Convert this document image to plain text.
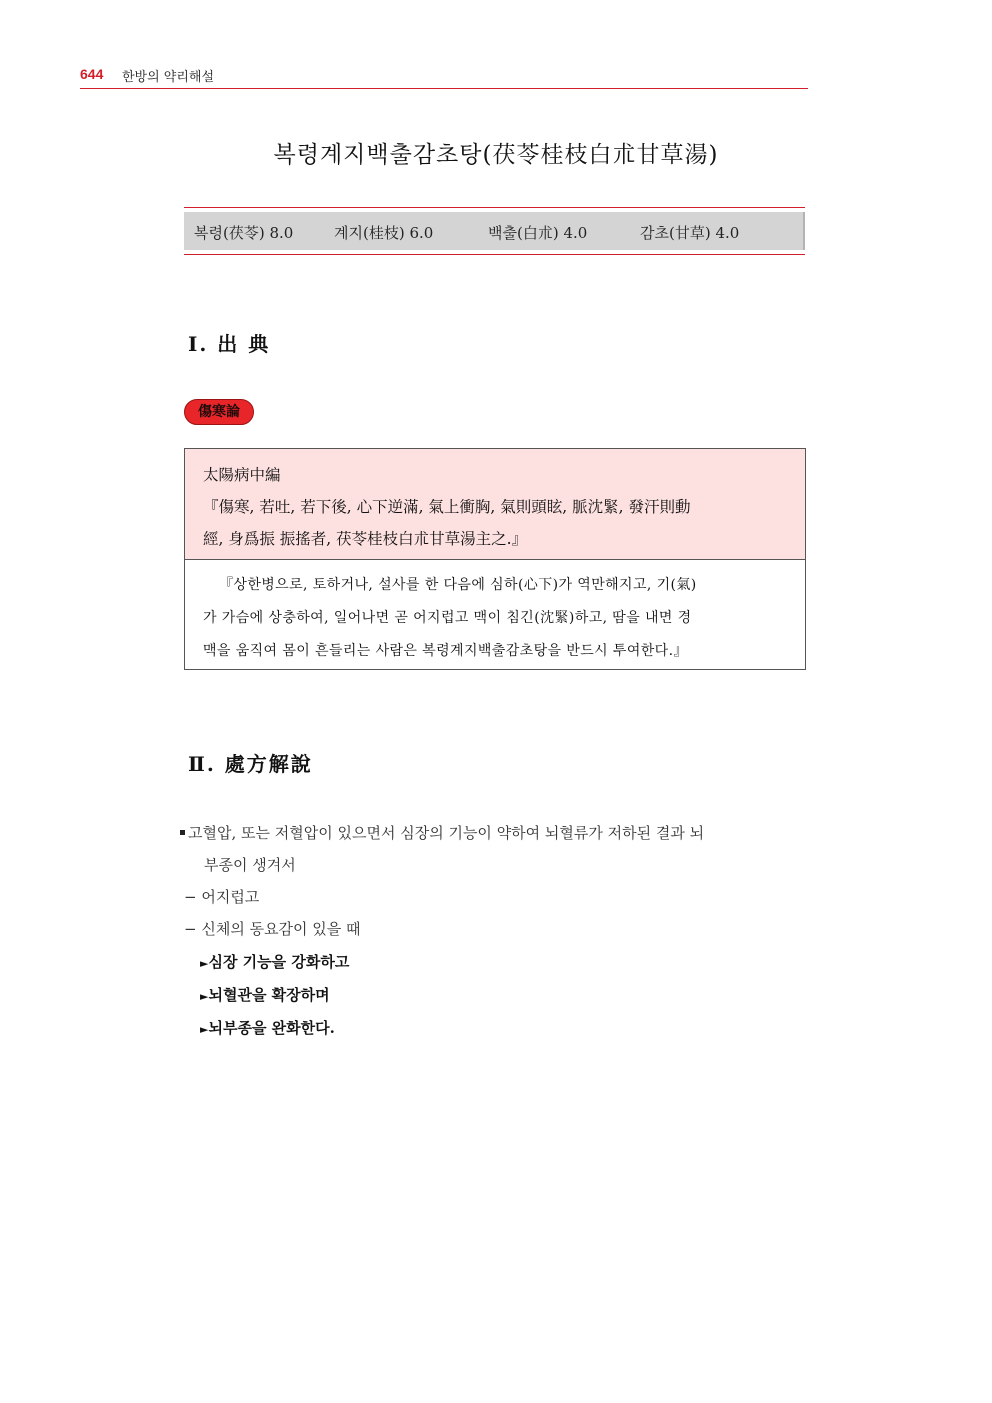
644 한방의 약리해설
복령계지백출감초탕(茯苓桂枝白朮甘草湯)
복령(茯苓) 8.0	계지(桂枝) 6.0	백출(白朮) 4.0	감초(甘草) 4.0
Ⅰ. 出 典
傷寒論
太陽病中編
『傷寒, 若吐, 若下後, 心下逆滿, 氣上衝胸, 氣則頭眩, 脈沈緊, 發汗則動
經, 身爲振 振搖者, 茯苓桂枝白朮甘草湯主之.』
『상한병으로, 토하거나, 설사를 한 다음에 심하(心下)가 역만해지고, 기(氣)
가 가슴에 상충하여, 일어나면 곧 어지럽고 맥이 침긴(沈緊)하고, 땀을 내면 경
맥을 움직여 몸이 흔들리는 사람은 복령계지백출감초탕을 반드시 투여한다.』
Ⅱ. 處方解說
고혈압, 또는 저혈압이 있으면서 심장의 기능이 약하여 뇌혈류가 저하된 결과 뇌
부종이 생겨서
− 어지럽고
− 신체의 동요감이 있을 때
►심장 기능을 강화하고
►뇌혈관을 확장하며
►뇌부종을 완화한다.
